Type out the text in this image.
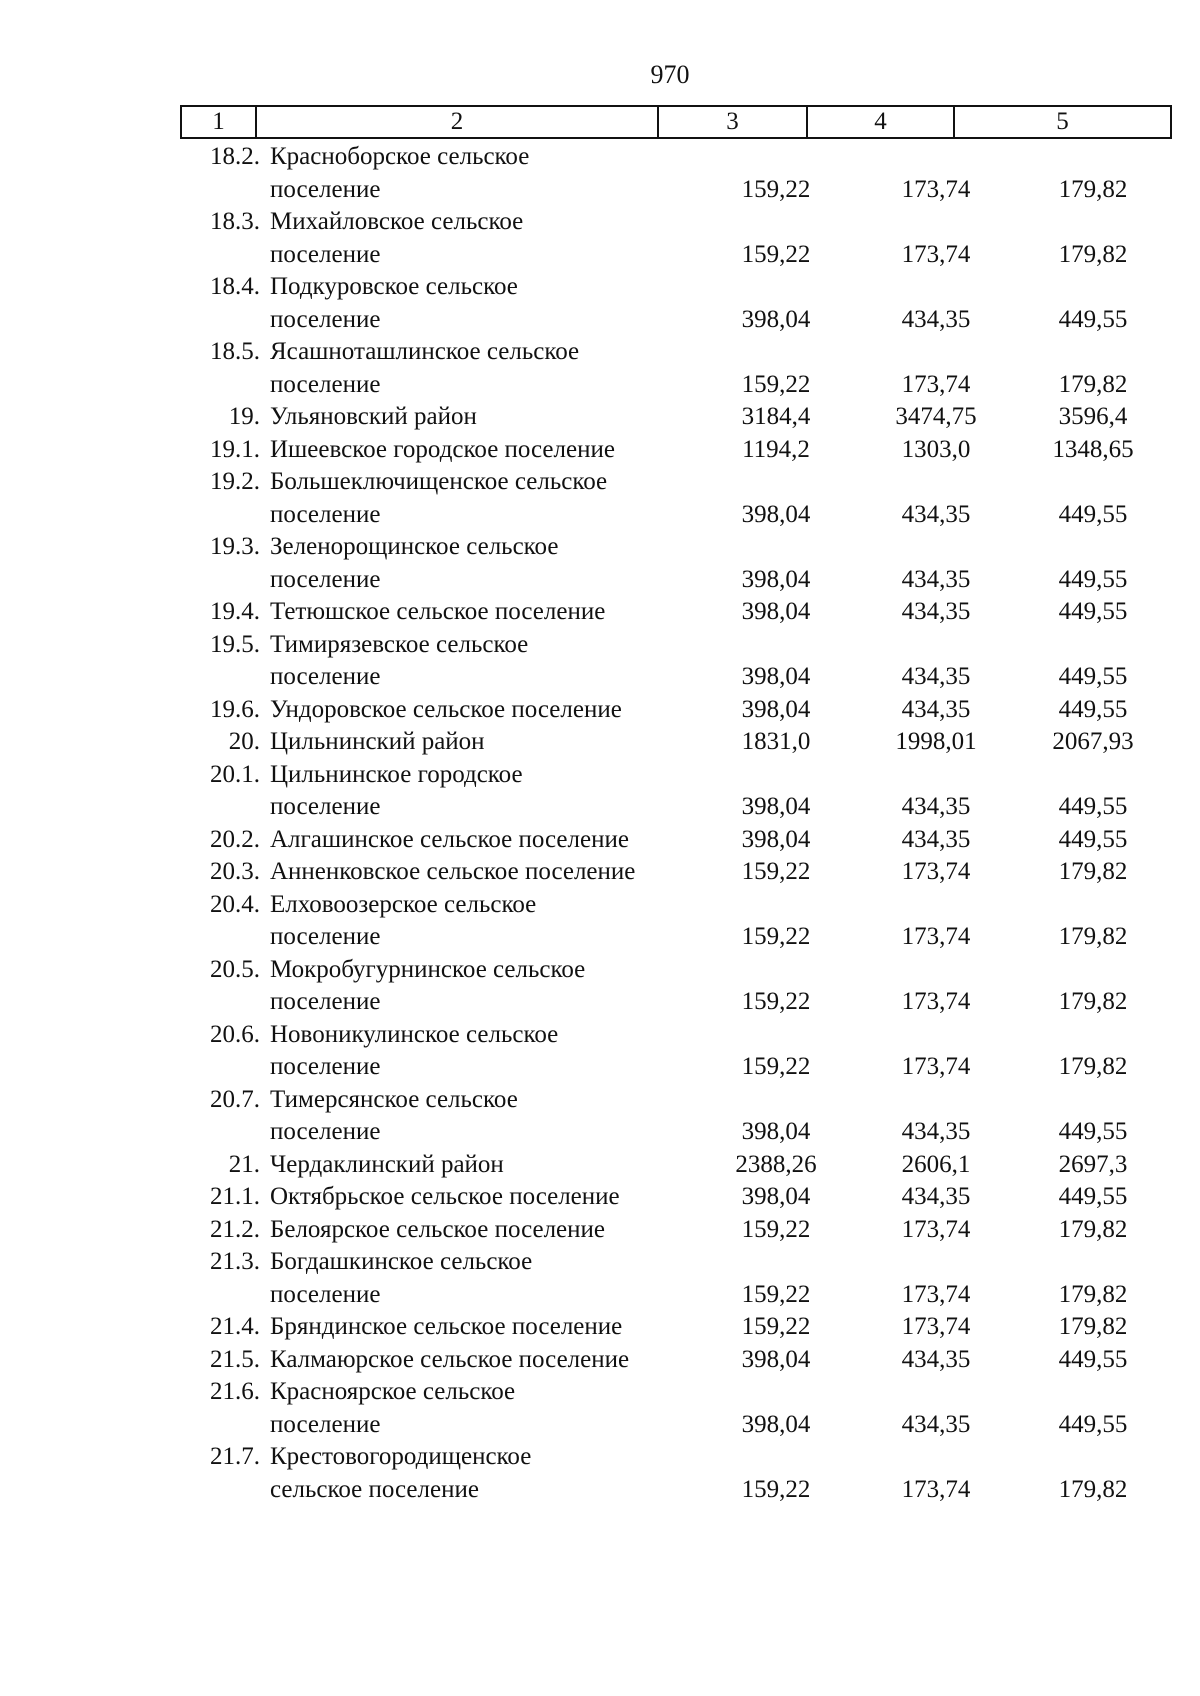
970
1	2	3	4	5
18.2. Красноборское сельское
поселение	159,22	173,74	179,82
18.3. Михайловское сельское
поселение	159,22	173,74	179,82
18.4. Подкуровское сельское
поселение	398,04	434,35	449,55
18.5. Ясашноташлинское сельское
поселение	159,22	173,74	179,82
19. Ульяновский район	3184,4	3474,75	3596,4
19.1. Ишеевское городское поселение	1194,2	1303,0	1348,65
19.2. Большеключищенское сельское
поселение	398,04	434,35	449,55
19.3. Зеленорощинское сельское
поселение	398,04	434,35	449,55
19.4. Тетюшское сельское поселение	398,04	434,35	449,55
19.5. Тимирязевское сельское
поселение	398,04	434,35	449,55
19.6. Ундоровское сельское поселение	398,04	434,35	449,55
20. Цильнинский район	1831,0	1998,01	2067,93
20.1. Цильнинское городское
поселение	398,04	434,35	449,55
20.2. Алгашинское сельское поселение	398,04	434,35	449,55
20.3. Анненковское сельское поселение	159,22	173,74	179,82
20.4. Елховоозерское сельское
поселение	159,22	173,74	179,82
20.5. Мокробугурнинское сельское
поселение	159,22	173,74	179,82
20.6. Новоникулинское сельское
поселение	159,22	173,74	179,82
20.7. Тимерсянское сельское
поселение	398,04	434,35	449,55
21. Чердаклинский район	2388,26	2606,1	2697,3
21.1. Октябрьское сельское поселение	398,04	434,35	449,55
21.2. Белоярское сельское поселение	159,22	173,74	179,82
21.3. Богдашкинское сельское
поселение	159,22	173,74	179,82
21.4. Бряндинское сельское поселение	159,22	173,74	179,82
21.5. Калмаюрское сельское поселение	398,04	434,35	449,55
21.6. Красноярское сельское
поселение	398,04	434,35	449,55
21.7. Крестовогородищенское
сельское поселение	159,22	173,74	179,82
